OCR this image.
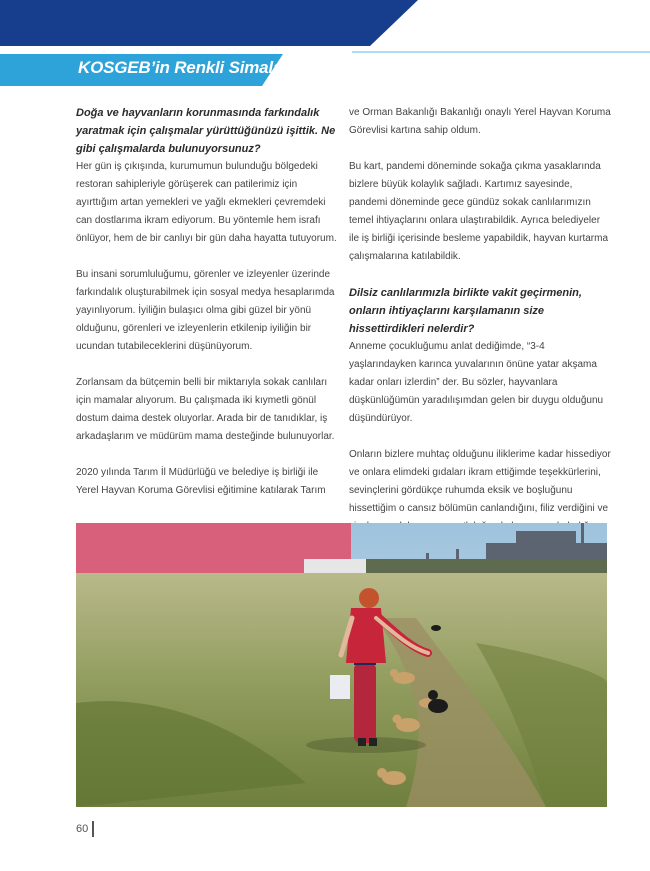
KOSGEB’in Renkli Simaları

Doğa ve hayvanların korunmasında farkındalık yaratmak için çalışmalar yürüttüğünüzü işittik. Ne gibi çalışmalarda bulunuyorsunuz?

Her gün iş çıkışında, kurumumun bulunduğu bölgedeki restoran sahipleriyle görüşerek can patilerimiz için ayırttığım artan yemekleri ve yağlı ekmekleri çevremdeki can dostlarıma ikram ediyorum. Bu yöntemle hem israfı önlüyor, hem de bir canlıyı bir gün daha hayatta tutuyorum.

Bu insani sorumluluğumu, görenler ve izleyenler üzerinde farkındalık oluşturabilmek için sosyal medya hesaplarımda yayınlıyorum. İyiliğin bulaşıcı olma gibi güzel bir yönü olduğunu, görenleri ve izleyenlerin etkilenip iyiliğin bir ucundan tutabileceklerini düşünüyorum.

Zorlansam da bütçemin belli bir miktarıyla sokak canlıları için mamalar alıyorum. Bu çalışmada iki kıymetli gönül dostum daima destek oluyorlar. Arada bir de tanıdıklar, iş arkadaşlarım ve müdürüm mama desteğinde bulunuyorlar.

2020 yılında Tarım İl Müdürlüğü ve belediye iş birliği ile Yerel Hayvan Koruma Görevlisi eğitimine katılarak Tarım

ve Orman Bakanlığı Bakanlığı onaylı Yerel Hayvan Koruma Görevlisi kartına sahip oldum.

Bu kart, pandemi döneminde sokağa çıkma yasaklarında bizlere büyük kolaylık sağladı. Kartımız sayesinde, pandemi döneminde gece gündüz sokak canlılarımızın temel ihtiyaçlarını onlara ulaştırabildik. Ayrıca belediyeler ile iş birliği içerisinde besleme yapabildik, hayvan kurtarma çalışmalarına katılabildik.

Dilsiz canlılarımızla birlikte vakit geçirmenin, onların ihtiyaçlarını karşılamanın size hissettirdikleri nelerdir?

Anneme çocukluğumu anlat dediğimde, “3-4 yaşlarındayken karınca yuvalarının önüne yatar akşama kadar onları izlerdin” der. Bu sözler, hayvanlara düşkünlüğümün yaradılışımdan gelen bir duygu olduğunu düşündürüyor.

Onların bizlere muhtaç olduğunu iliklerime kadar hissediyor ve onlara elimdeki gıdaları ikram ettiğimde teşekkürlerini, sevinçlerini gördükçe ruhumda eksik ve boşluğunu hissettiğim o cansız bölümün canlandığını, filiz verdiğini ve

60
